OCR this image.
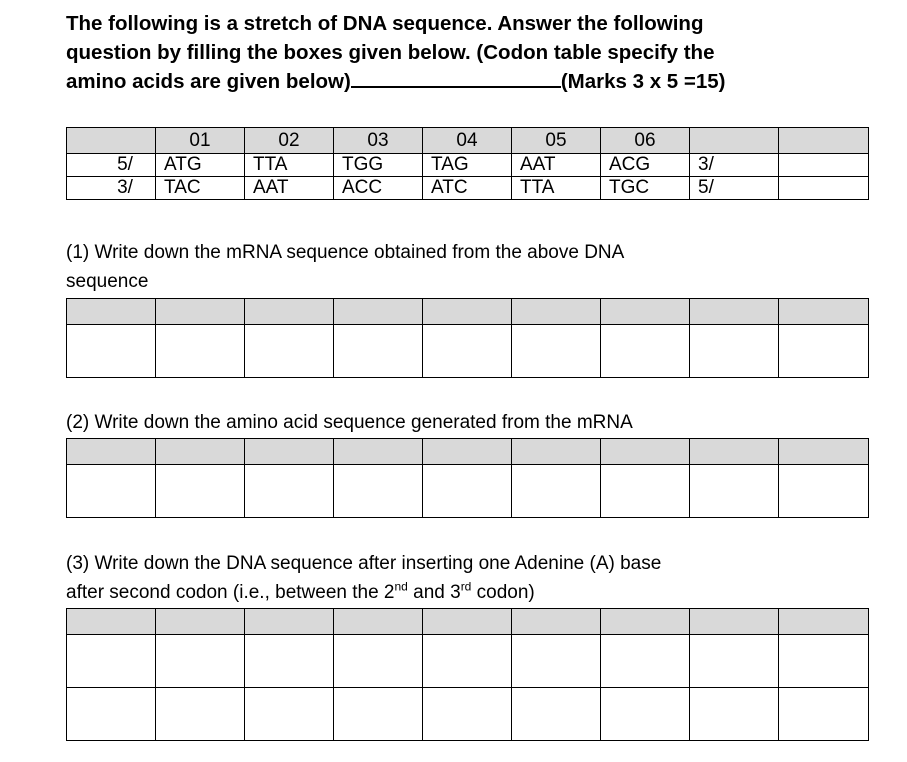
The following is a stretch of DNA sequence. Answer the following
question by filling the boxes given below. (Codon table specify the
amino acids are given below)	(Marks 3 x 5 =15)
	01	02	03	04	05	06		
5/	ATG	TTA	TGG	TAG	AAT	ACG	3/	
3/	TAC	AAT	ACC	ATC	TTA	TGC	5/	
(1) Write down the mRNA sequence obtained from the above DNA
sequence

(2) Write down the amino acid sequence generated from the mRNA

(3) Write down the DNA sequence after inserting one Adenine (A) base
after second codon (i.e., between the 2nd and 3rd codon)
